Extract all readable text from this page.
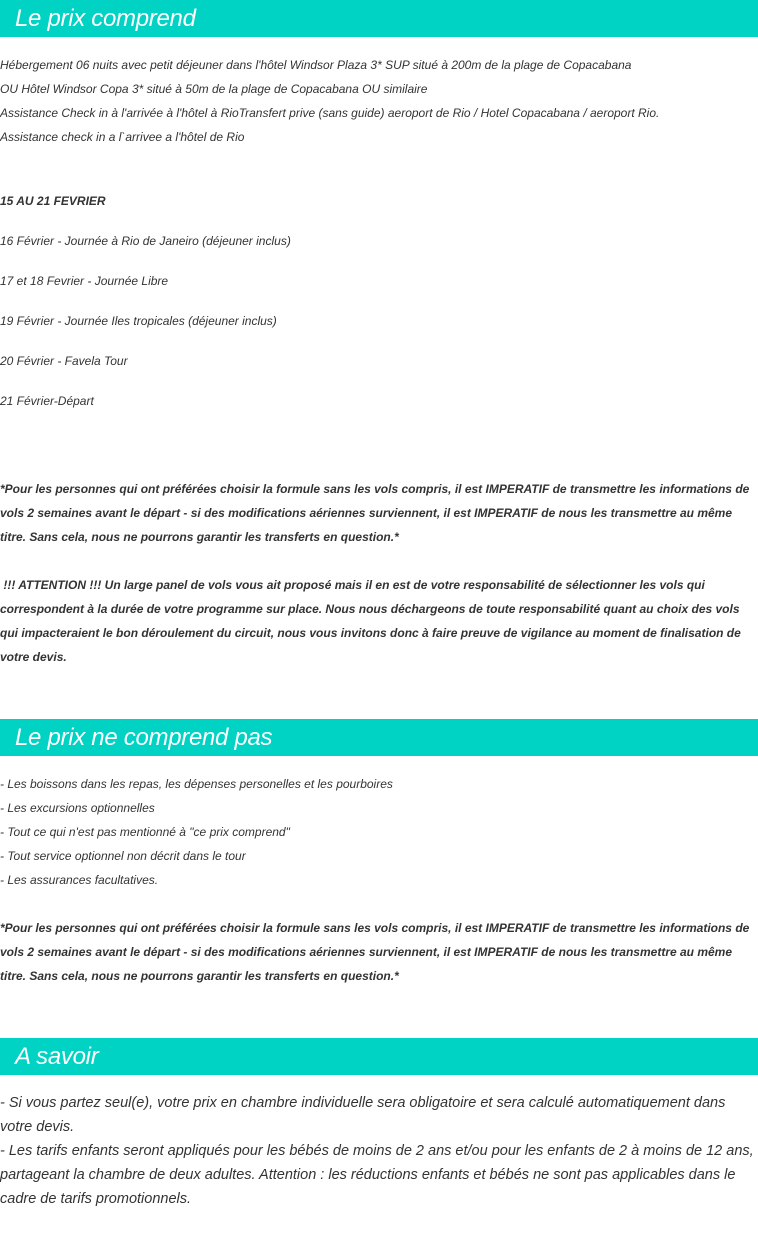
Le prix comprend

Hébergement 06 nuits avec petit déjeuner dans l'hôtel Windsor Plaza 3* SUP situé à 200m de la plage de Copacabana
OU Hôtel Windsor Copa 3* situé à 50m de la plage de Copacabana OU similaire
Assistance Check in à l'arrivée à l'hôtel à RioTransfert prive (sans guide) aeroport de Rio / Hotel Copacabana / aeroport Rio.
Assistance check in a l`arrivee a l'hôtel de Rio

15 AU 21 FEVRIER

16 Février - Journée à Rio de Janeiro (déjeuner inclus)

17 et 18 Fevrier - Journée Libre

19 Février - Journée Iles tropicales (déjeuner inclus)

20 Février - Favela Tour

21 Février-Départ

*Pour les personnes qui ont préférées choisir la formule sans les vols compris, il est IMPERATIF de transmettre les informations de vols 2 semaines avant le départ - si des modifications aériennes surviennent, il est IMPERATIF de nous les transmettre au même titre. Sans cela, nous ne pourrons garantir les transferts en question.*

!!! ATTENTION !!! Un large panel de vols vous ait proposé mais il en est de votre responsabilité de sélectionner les vols qui correspondent à la durée de votre programme sur place. Nous nous déchargeons de toute responsabilité quant au choix des vols qui impacteraient le bon déroulement du circuit, nous vous invitons donc à faire preuve de vigilance au moment de finalisation de votre devis.

Le prix ne comprend pas
- Les boissons dans les repas, les dépenses personelles et les pourboires
- Les excursions optionnelles
- Tout ce qui n'est pas mentionné à "ce prix comprend"
- Tout service optionnel non décrit dans le tour
- Les assurances facultatives.

*Pour les personnes qui ont préférées choisir la formule sans les vols compris, il est IMPERATIF de transmettre les informations de vols 2 semaines avant le départ - si des modifications aériennes surviennent, il est IMPERATIF de nous les transmettre au même titre. Sans cela, nous ne pourrons garantir les transferts en question.*

A savoir

- Si vous partez seul(e), votre prix en chambre individuelle sera obligatoire et sera calculé automatiquement dans votre devis.

- Les tarifs enfants seront appliqués pour les bébés de moins de 2 ans et/ou pour les enfants de 2 à moins de 12 ans, partageant la chambre de deux adultes. Attention : les réductions enfants et bébés ne sont pas applicables dans le cadre de tarifs promotionnels.
